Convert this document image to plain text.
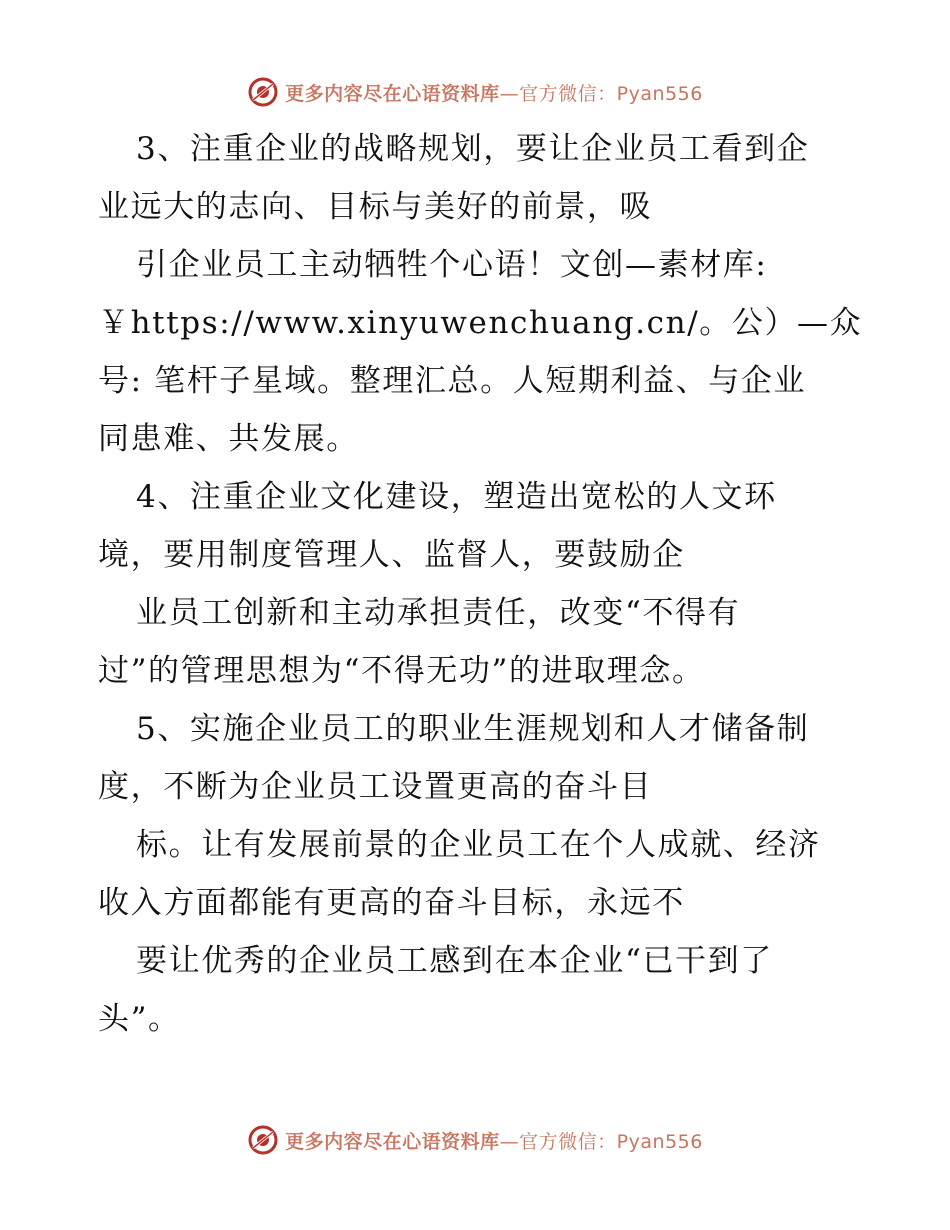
更多内容尽在心语资料库—官方微信：Pyan556
3、注重企业的战略规划，要让企业员工看到企
业远大的志向、目标与美好的前景，吸
引企业员工主动牺牲个心语！文创—素材库:
￥https://www.xinyuwenchuang.cn/。公）—众
号: 笔杆子星域。整理汇总。人短期利益、与企业
同患难、共发展。
4、注重企业文化建设，塑造出宽松的人文环
境，要用制度管理人、监督人，要鼓励企
业员工创新和主动承担责任，改变“不得有
过”的管理思想为“不得无功”的进取理念。
5、实施企业员工的职业生涯规划和人才储备制
度，不断为企业员工设置更高的奋斗目
标。让有发展前景的企业员工在个人成就、经济
收入方面都能有更高的奋斗目标，永远不
要让优秀的企业员工感到在本企业“已干到了
头”。
更多内容尽在心语资料库—官方微信：Pyan556
